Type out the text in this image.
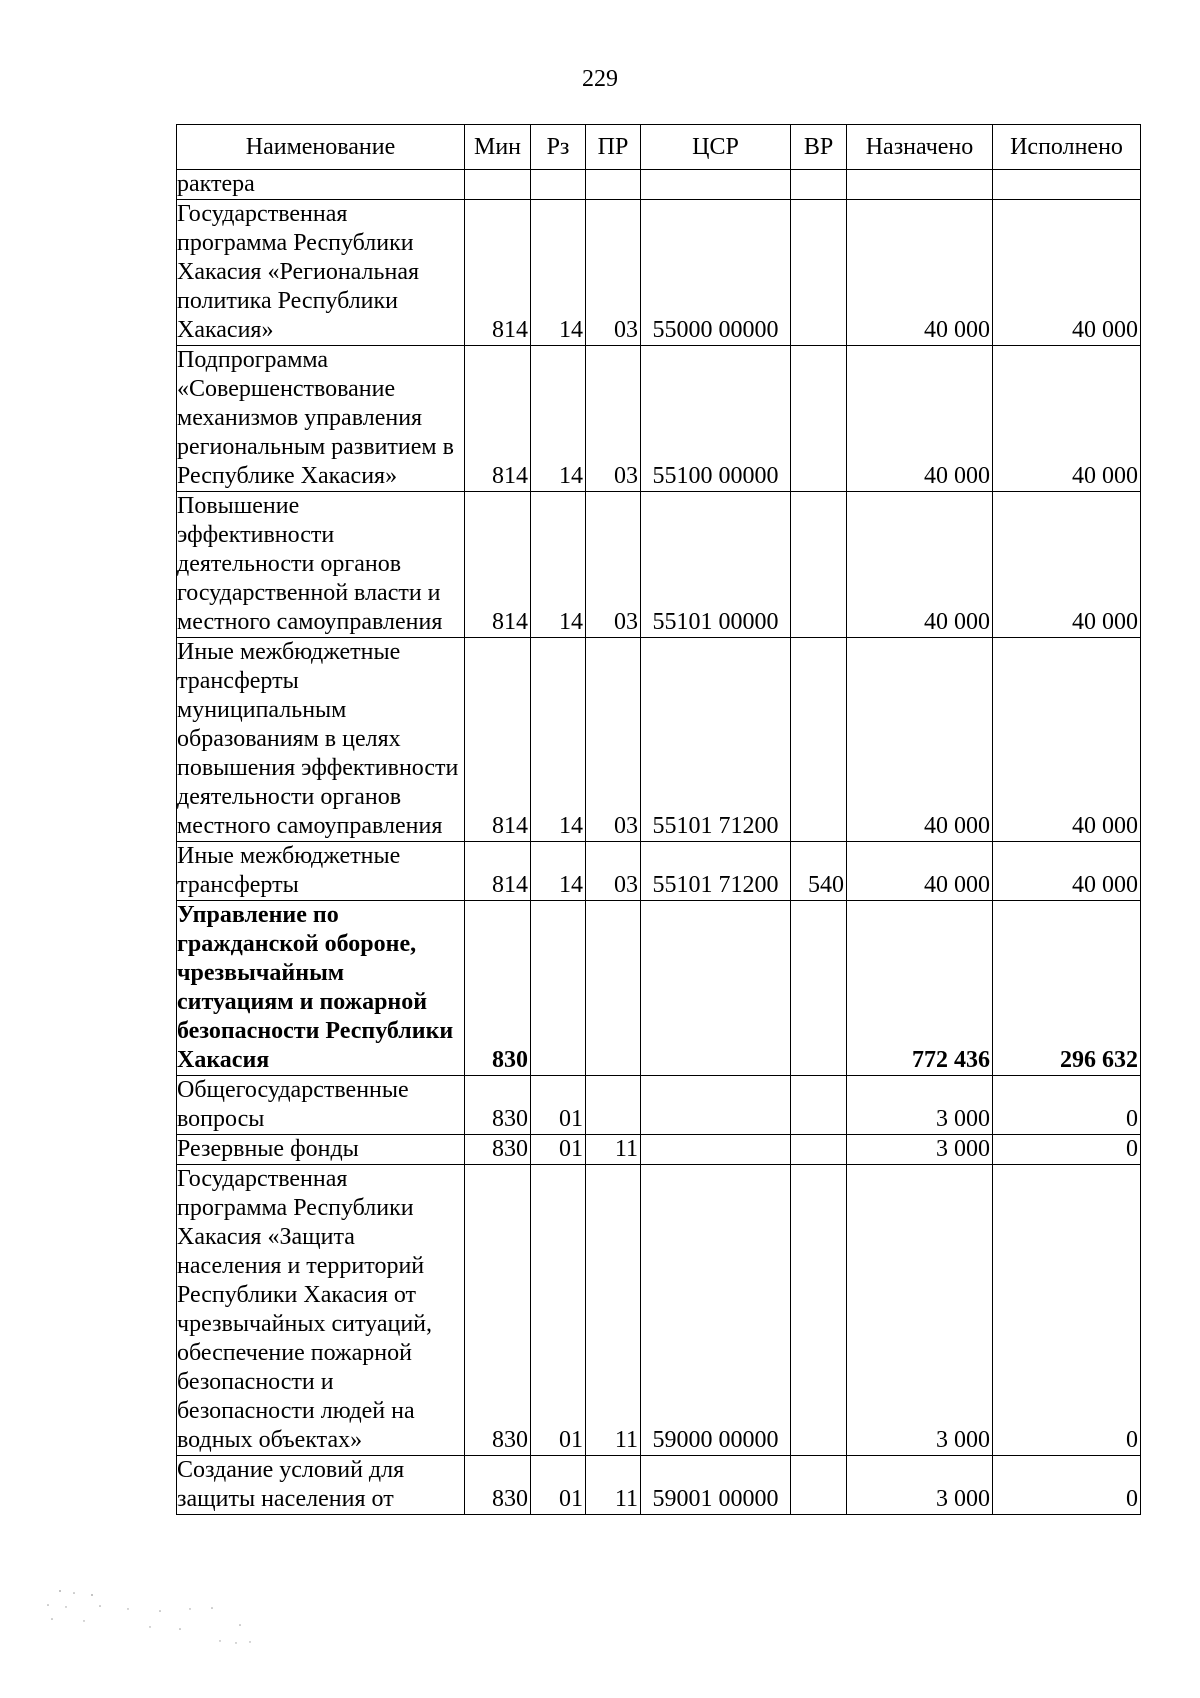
229
Наименование	Мин	Рз	ПР	ЦСР	ВР	Назначено	Исполнено
рактера							
Государственная программа Республики Хакасия «Региональная политика Республики Хакасия»	814	14	03	55000 00000		40 000	40 000
Подпрограмма «Совершенствование механизмов управления региональным развитием в Республике Хакасия»	814	14	03	55100 00000		40 000	40 000
Повышение эффективности деятельности органов государственной власти и местного самоуправления	814	14	03	55101 00000		40 000	40 000
Иные межбюджетные трансферты муниципальным образованиям в целях повышения эффективности деятельности органов местного самоуправления	814	14	03	55101 71200		40 000	40 000
Иные межбюджетные трансферты	814	14	03	55101 71200	540	40 000	40 000
Управление по гражданской обороне, чрезвычайным ситуациям и пожарной безопасности Республики Хакасия	830					772 436	296 632
Общегосударственные вопросы	830	01				3 000	0
Резервные фонды	830	01	11			3 000	0
Государственная программа Республики Хакасия «Защита населения и территорий Республики Хакасия от чрезвычайных ситуаций, обеспечение пожарной безопасности и безопасности людей на водных объектах»	830	01	11	59000 00000		3 000	0
Создание условий для защиты населения от	830	01	11	59001 00000		3 000	0
